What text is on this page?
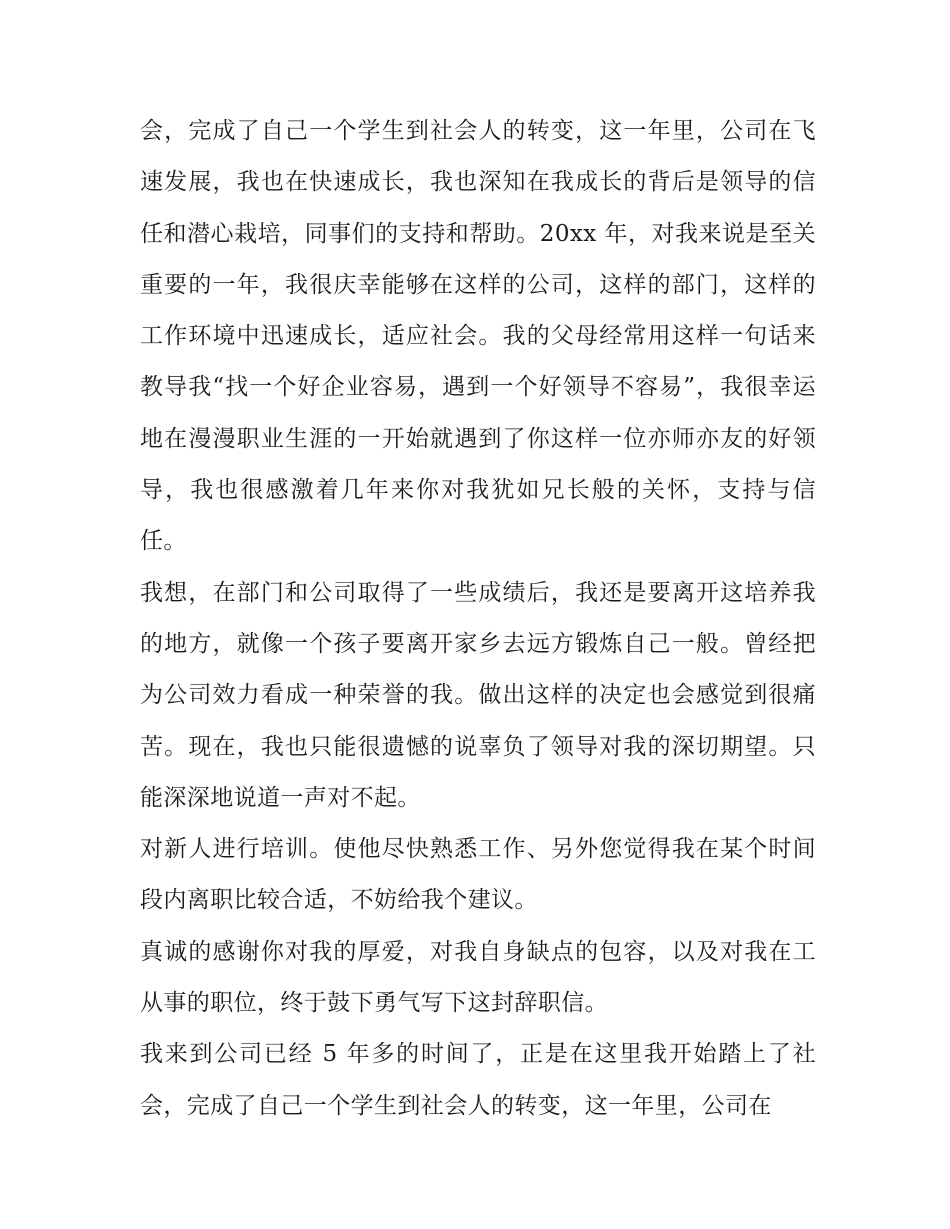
会，完成了自己一个学生到社会人的转变，这一年里，公司在飞速发展，我也在快速成长，我也深知在我成长的背后是领导的信任和潜心栽培，同事们的支持和帮助。20xx 年，对我来说是至关重要的一年，我很庆幸能够在这样的公司，这样的部门，这样的工作环境中迅速成长，适应社会。我的父母经常用这样一句话来教导我“找一个好企业容易，遇到一个好领导不容易”，我很幸运地在漫漫职业生涯的一开始就遇到了你这样一位亦师亦友的好领导，我也很感激着几年来你对我犹如兄长般的关怀，支持与信任。

我想，在部门和公司取得了一些成绩后，我还是要离开这培养我的地方，就像一个孩子要离开家乡去远方锻炼自己一般。曾经把为公司效力看成一种荣誉的我。做出这样的决定也会感觉到很痛苦。现在，我也只能很遗憾的说辜负了领导对我的深切期望。只能深深地说道一声对不起。

对新人进行培训。使他尽快熟悉工作、另外您觉得我在某个时间段内离职比较合适，不妨给我个建议。

真诚的感谢你对我的厚爱，对我自身缺点的包容，以及对我在工从事的职位，终于鼓下勇气写下这封辞职信。

我来到公司已经 5 年多的时间了，正是在这里我开始踏上了社会，完成了自己一个学生到社会人的转变，这一年里，公司在
